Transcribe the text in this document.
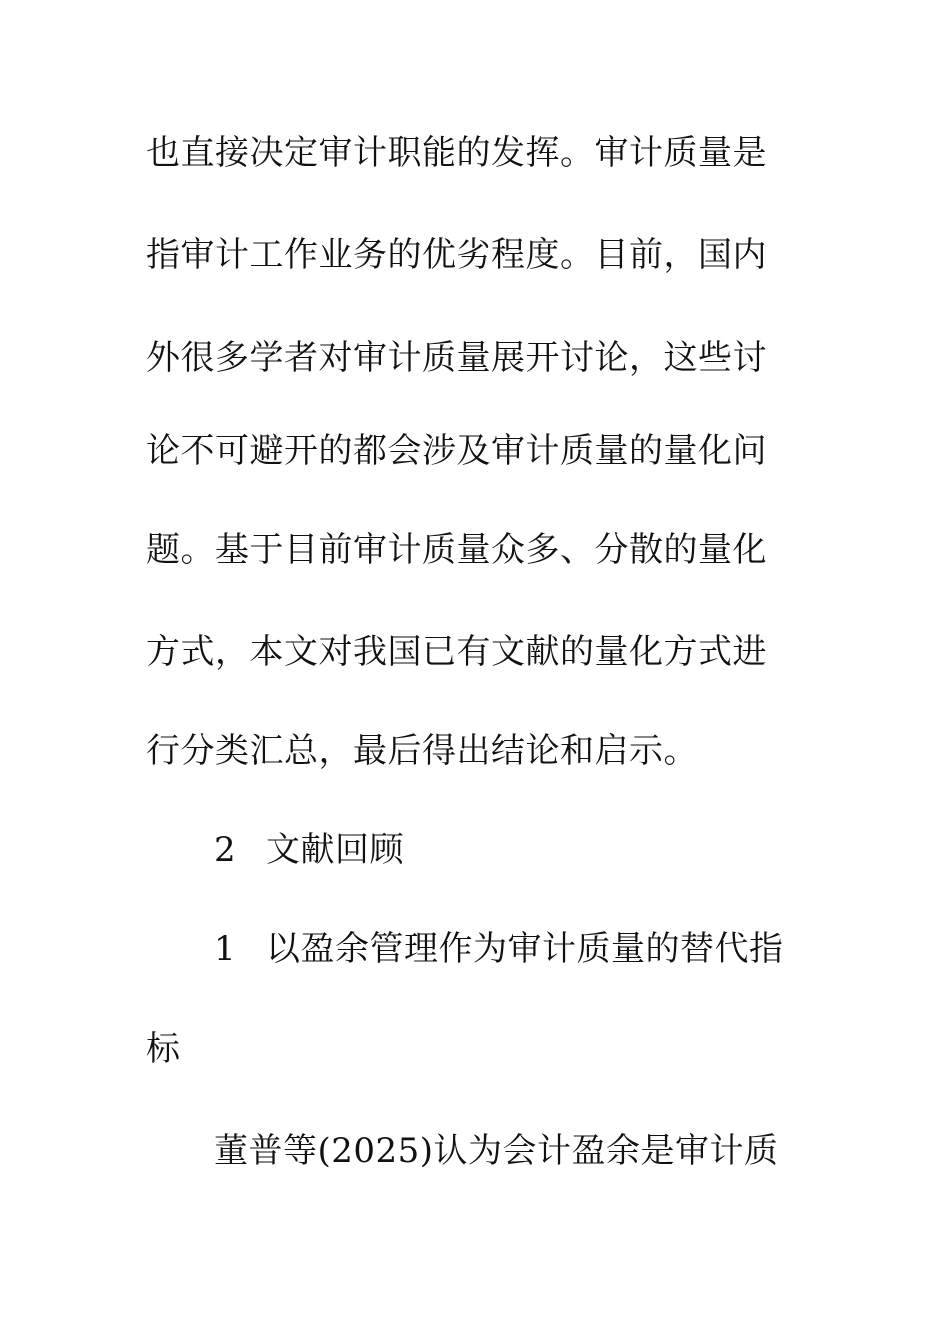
也直接决定审计职能的发挥。审计质量是
指审计工作业务的优劣程度。目前，国内
外很多学者对审计质量展开讨论，这些讨
论不可避开的都会涉及审计质量的量化问
题。基于目前审计质量众多、分散的量化
方式，本文对我国已有文献的量化方式进
行分类汇总，最后得出结论和启示。
2 文献回顾
1 以盈余管理作为审计质量的替代指
标
董普等(2025)认为会计盈余是审计质
